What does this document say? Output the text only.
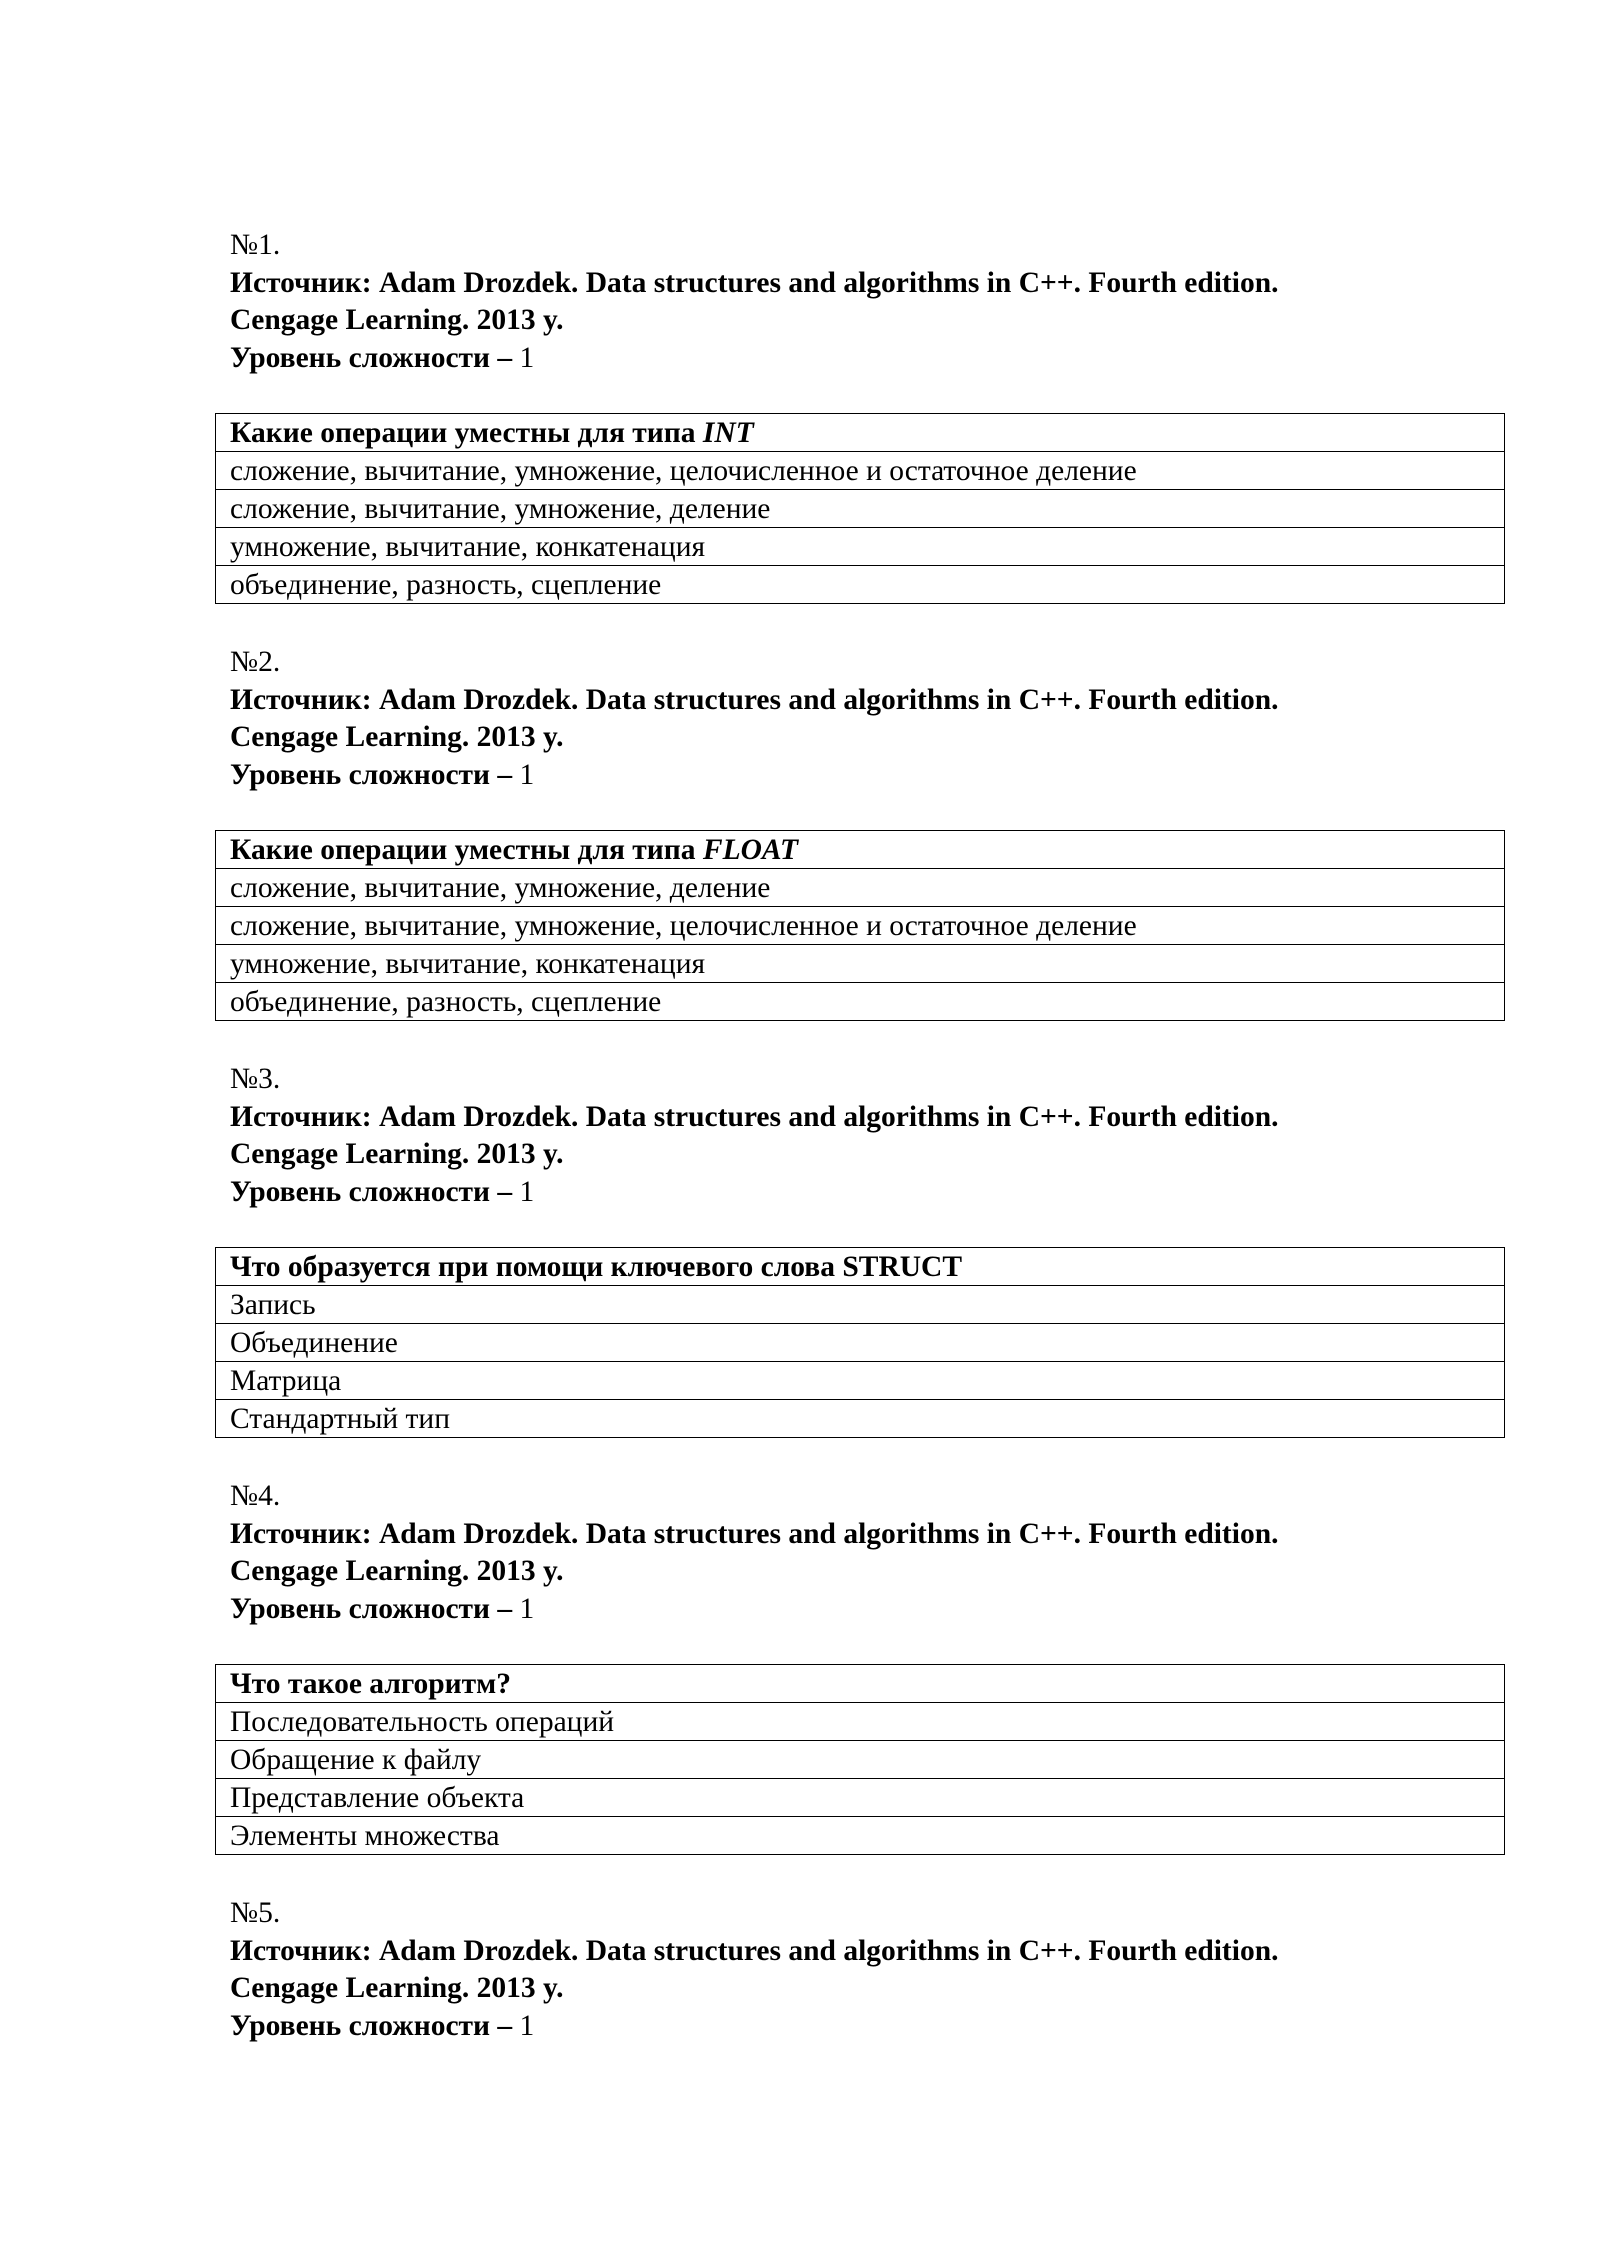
№1.
Источник: Adam Drozdek. Data structures and algorithms in C++. Fourth edition.
Cengage Learning. 2013 y.
Уровень сложности – 1
Какие операции уместны для типа INT
сложение, вычитание, умножение, целочисленное и остаточное деление
сложение, вычитание, умножение, деление
умножение, вычитание, конкатенация
объединение, разность, сцепление
№2.
Источник: Adam Drozdek. Data structures and algorithms in C++. Fourth edition.
Cengage Learning. 2013 y.
Уровень сложности – 1
Какие операции уместны для типа FLOAT
сложение, вычитание, умножение, деление
сложение, вычитание, умножение, целочисленное и остаточное деление
умножение, вычитание, конкатенация
объединение, разность, сцепление
№3.
Источник: Adam Drozdek. Data structures and algorithms in C++. Fourth edition.
Cengage Learning. 2013 y.
Уровень сложности – 1
Что образуется при помощи ключевого слова STRUCT
Запись
Объединение
Матрица
Стандартный тип
№4.
Источник: Adam Drozdek. Data structures and algorithms in C++. Fourth edition.
Cengage Learning. 2013 y.
Уровень сложности – 1
Что такое алгоритм?
Последовательность операций
Обращение к файлу
Представление объекта
Элементы множества
№5.
Источник: Adam Drozdek. Data structures and algorithms in C++. Fourth edition.
Cengage Learning. 2013 y.
Уровень сложности – 1
